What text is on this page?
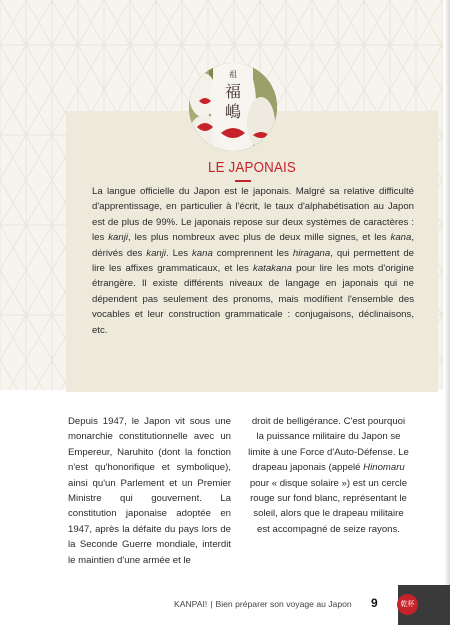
福
嶋
祖
LE JAPONAIS
La langue officielle du Japon est le japonais. Malgré sa relative difficulté d'apprentissage, en particulier à l'écrit, le taux d'alphabétisation au Japon est de plus de 99%. Le japonais repose sur deux systèmes de caractères : les kanji, les plus nombreux avec plus de deux mille signes, et les kana, dérivés des kanji. Les kana comprennent les hiragana, qui permettent de lire les affixes grammaticaux, et les katakana pour lire les mots d'origine étrangère. Il existe différents niveaux de langage en japonais qui ne dépendent pas seulement des pronoms, mais modifient l'ensemble des vocables et leur construction grammaticale : conjugaisons, déclinaisons, etc.
Depuis 1947, le Japon vit sous une monarchie constitutionnelle avec un Empereur, Naruhito (dont la fonction n'est qu'honorifique et symbolique), ainsi qu'un Parlement et un Premier Ministre qui gouvernent. La constitution japonaise adoptée en 1947, après la défaite du pays lors de la Seconde Guerre mondiale, interdit le maintien d'une armée et le
droit de belligérance. C'est pourquoi la puissance militaire du Japon se limite à une Force d'Auto-Défense. Le drapeau japonais (appelé Hinomaru pour « disque solaire ») est un cercle rouge sur fond blanc, représentant le soleil, alors que le drapeau militaire est accompagné de seize rayons.
KANPAI! | Bien préparer son voyage au Japon 9	乾杯
